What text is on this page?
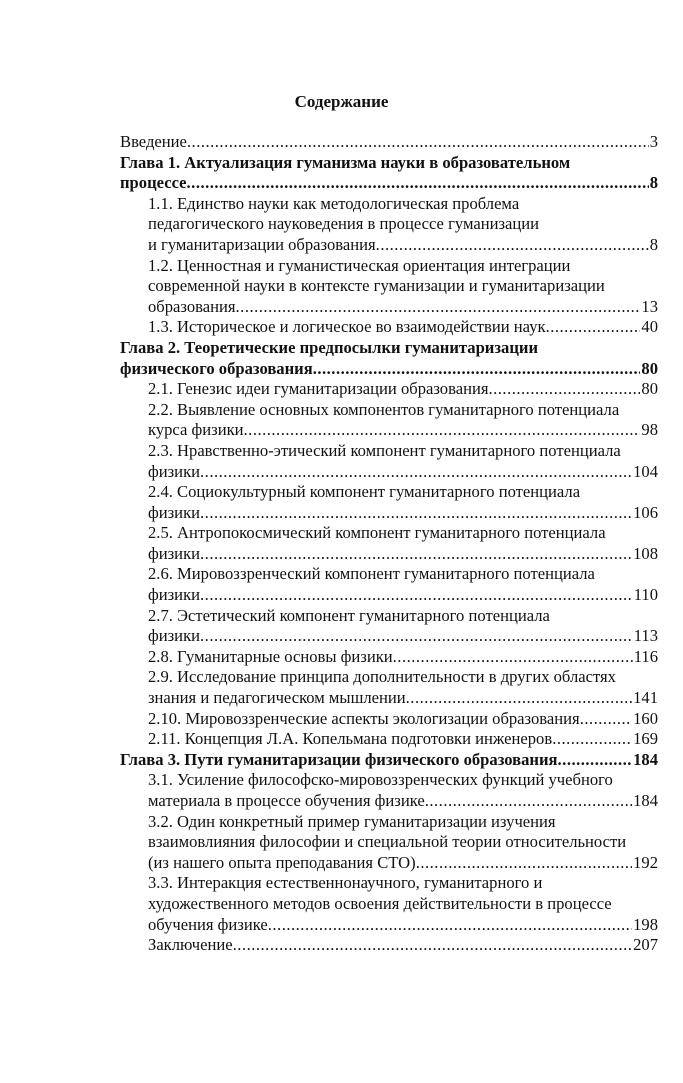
Содержание
Введение .....	3
Глава 1. Актуализация гуманизма науки в образовательном
процессе .....	8
1.1. Единство науки как методологическая проблема
педагогического науковедения в процессе гуманизации
и гуманитаризации образования .....	8
1.2. Ценностная и гуманистическая ориентация интеграции
современной науки в контексте гуманизации и гуманитаризации
образования .....	13
1.3. Историческое и логическое во взаимодействии наук .....	40
Глава 2. Теоретические предпосылки гуманитаризации
физического образования .....	80
2.1. Генезис идеи гуманитаризации образования .....	80
2.2. Выявление основных компонентов гуманитарного потенциала
курса физики .....	98
2.3. Нравственно-этический компонент гуманитарного потенциала
физики .....	104
2.4. Социокультурный компонент гуманитарного потенциала
физики .....	106
2.5. Антропокосмический компонент гуманитарного потенциала
физики .....	108
2.6. Мировоззренческий компонент гуманитарного потенциала
физики .....	110
2.7. Эстетический компонент гуманитарного потенциала
физики .....	113
2.8. Гуманитарные основы физики .....	116
2.9. Исследование принципа дополнительности в других областях
знания и педагогическом мышлении .....	141
2.10. Мировоззренческие аспекты экологизации образования .....	160
2.11. Концепция Л.А. Копельмана подготовки инженеров .....	169
Глава 3. Пути гуманитаризации физического образования .....	184
3.1. Усиление философско-мировоззренческих функций учебного
материала в процессе обучения физике .....	184
3.2. Один конкретный пример гуманитаризации изучения
взаимовлияния философии и специальной теории относительности
(из нашего опыта преподавания СТО) .....	192
3.3. Интеракция естественнонаучного, гуманитарного и
художественного методов освоения действительности в процессе
обучения физике .....	198
Заключение .....	207
